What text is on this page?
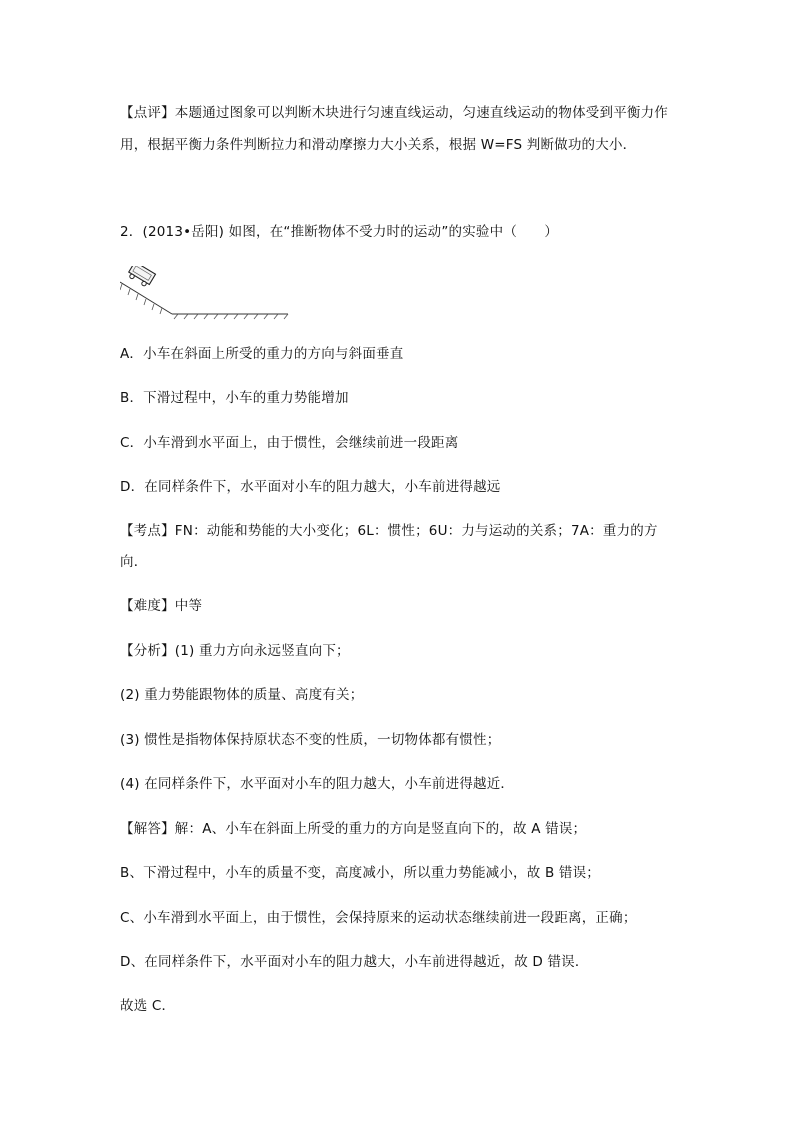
【点评】本题通过图象可以判断木块进行匀速直线运动，匀速直线运动的物体受到平衡力作
用，根据平衡力条件判断拉力和滑动摩擦力大小关系，根据 W=FS 判断做功的大小．
2．(2013•岳阳) 如图，在“推断物体不受力时的运动”的实验中（　　）
A．小车在斜面上所受的重力的方向与斜面垂直
B．下滑过程中，小车的重力势能增加
C．小车滑到水平面上，由于惯性，会继续前进一段距离
D．在同样条件下，水平面对小车的阻力越大，小车前进得越远
【考点】FN：动能和势能的大小变化；6L：惯性；6U：力与运动的关系；7A：重力的方
向．
【难度】中等
【分析】(1) 重力方向永远竖直向下；
(2) 重力势能跟物体的质量、高度有关；
(3) 惯性是指物体保持原状态不变的性质，一切物体都有惯性；
(4) 在同样条件下，水平面对小车的阻力越大，小车前进得越近．
【解答】解：A、小车在斜面上所受的重力的方向是竖直向下的，故 A 错误；
B、下滑过程中，小车的质量不变，高度减小，所以重力势能减小，故 B 错误；
C、小车滑到水平面上，由于惯性，会保持原来的运动状态继续前进一段距离，正确；
D、在同样条件下，水平面对小车的阻力越大，小车前进得越近，故 D 错误．
故选 C．
